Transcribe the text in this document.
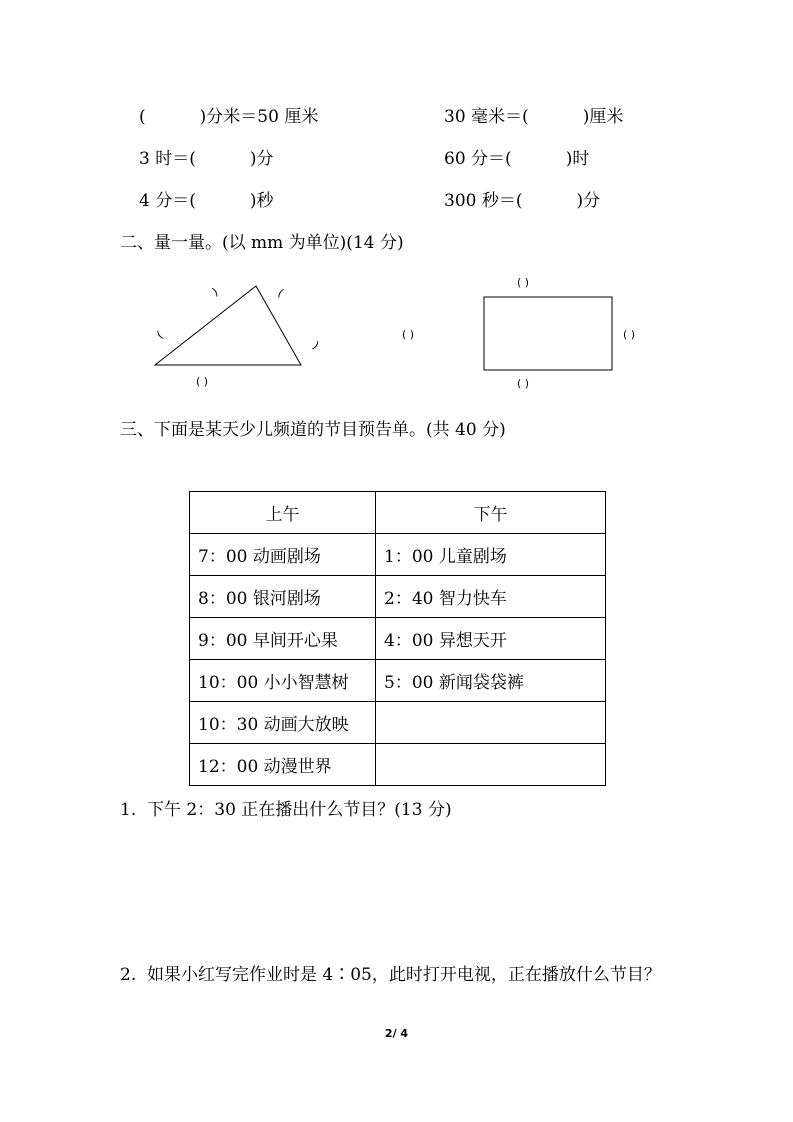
(          )分米＝50 厘米	30 毫米＝(          )厘米
3 时＝(          )分	60 分＝(          )时
4 分＝(          )秒	300 秒＝(          )分
二、量一量。(以 mm 为单位)(14 分)
(
)	(
)
( )
( )
( )	( )
( )
三、下面是某天少儿频道的节目预告单。(共 40 分)
上午	下午
7：00 动画剧场	1：00 儿童剧场
8：00 银河剧场	2：40 智力快车
9：00 早间开心果	4：00 异想天开
10：00 小小智慧树	5：00 新闻袋袋裤
10：30 动画大放映	
12：00 动漫世界	
1.  下午 2：30 正在播出什么节目？(13 分)
2.  如果小红写完作业时是 4∶05，此时打开电视，正在播放什么节目？
2/ 4
